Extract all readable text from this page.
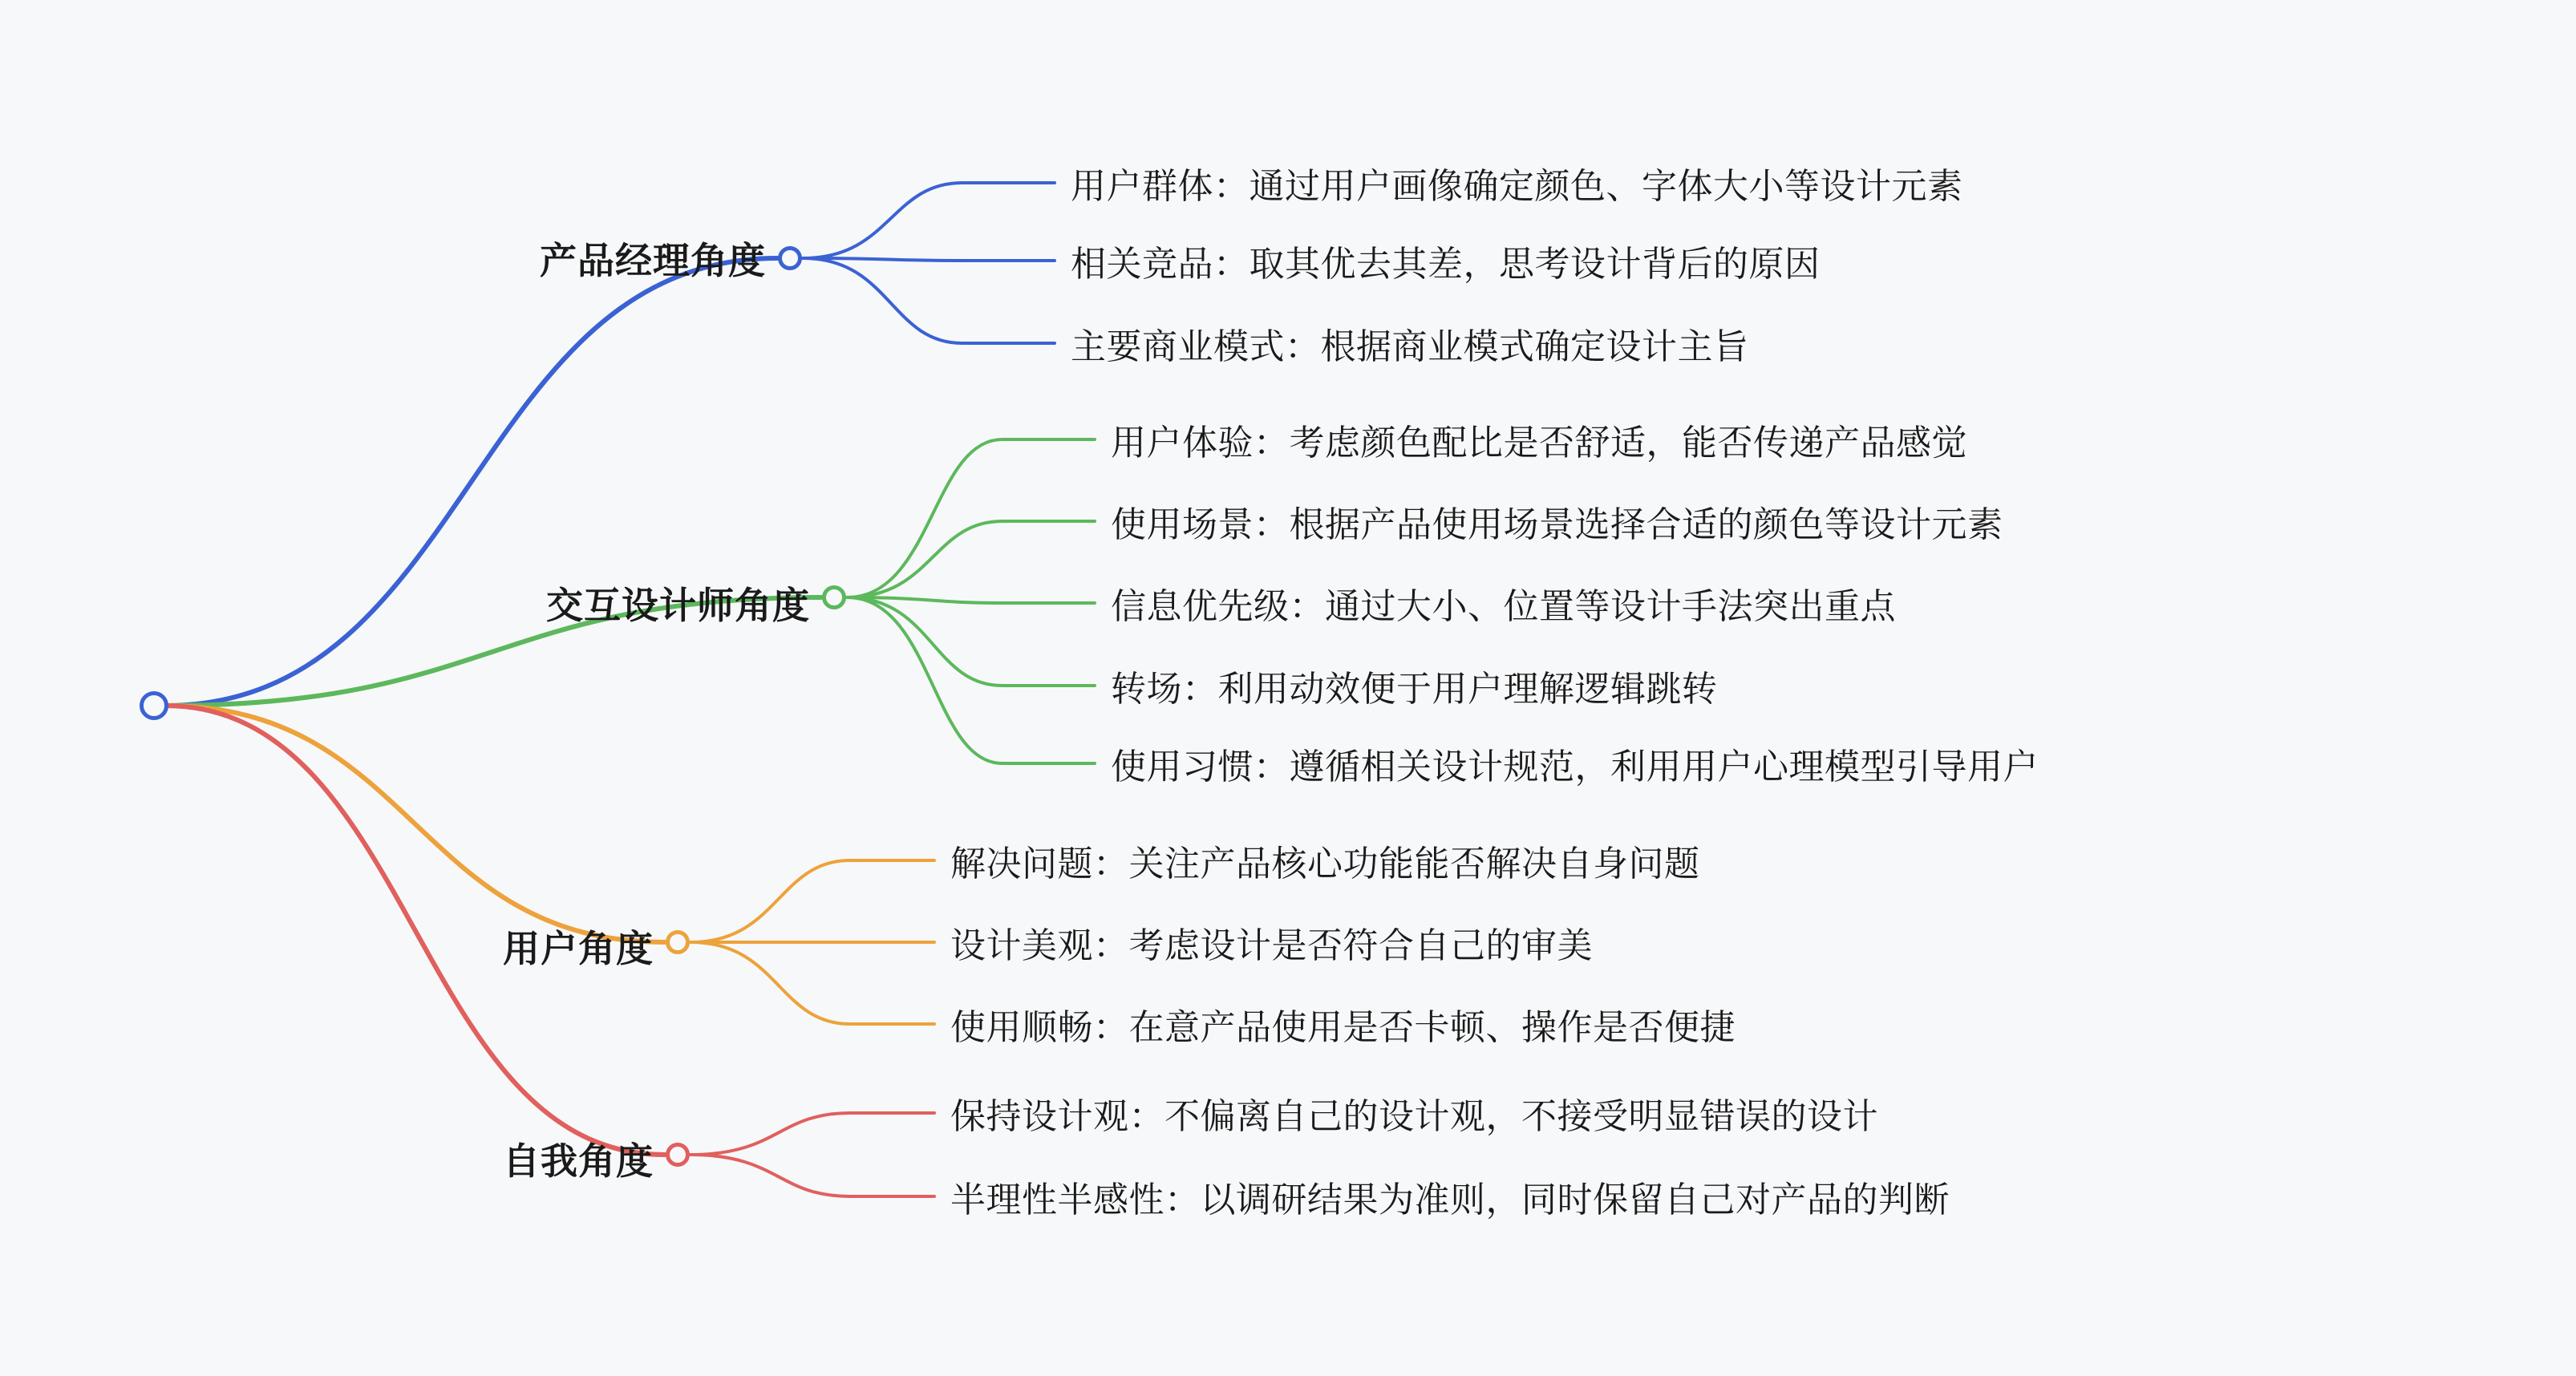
用户群体：通过用户画像确定颜色、字体大小等设计元素
相关竞品：取其优去其差，思考设计背后的原因
主要商业模式：根据商业模式确定设计主旨
产品经理角度
用户体验：考虑颜色配比是否舒适，能否传递产品感觉
使用场景：根据产品使用场景选择合适的颜色等设计元素
信息优先级：通过大小、位置等设计手法突出重点
转场：利用动效便于用户理解逻辑跳转
使用习惯：遵循相关设计规范，利用用户心理模型引导用户
交互设计师角度
解决问题：关注产品核心功能能否解决自身问题
设计美观：考虑设计是否符合自己的审美
使用顺畅：在意产品使用是否卡顿、操作是否便捷
用户角度
保持设计观：不偏离自己的设计观，不接受明显错误的设计
半理性半感性：以调研结果为准则，同时保留自己对产品的判断
自我角度
